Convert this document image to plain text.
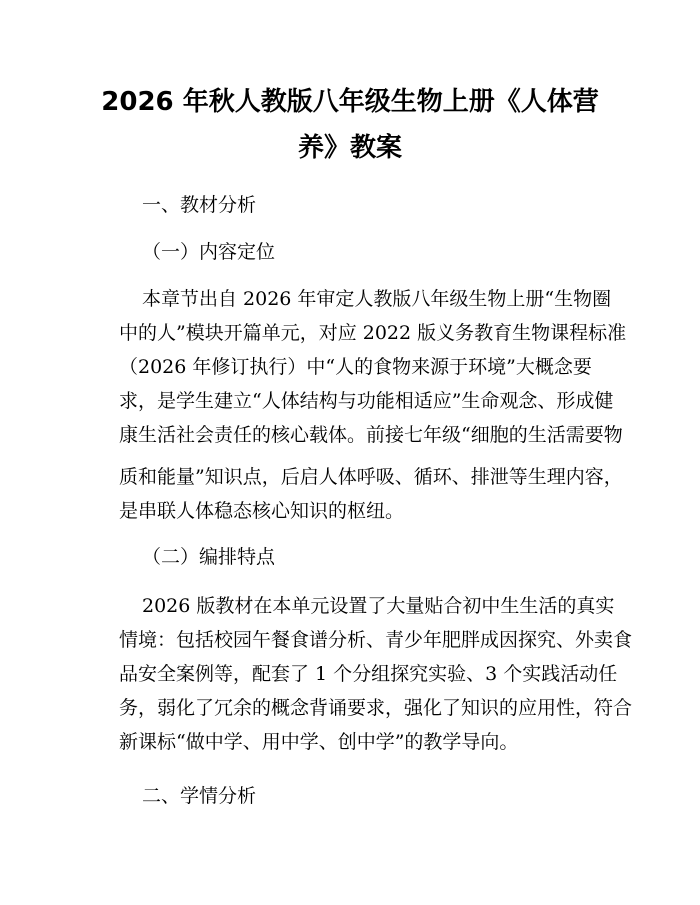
2026 年秋人教版八年级生物上册《人体营
养》教案
一、教材分析
（一）内容定位
本章节出自 2026 年审定人教版八年级生物上册“生物圈
中的人”模块开篇单元，对应 2022 版义务教育生物课程标准
（2026 年修订执行）中“人的食物来源于环境”大概念要
求，是学生建立“人体结构与功能相适应”生命观念、形成健
康生活社会责任的核心载体。前接七年级“细胞的生活需要物
质和能量”知识点，后启人体呼吸、循环、排泄等生理内容，
是串联人体稳态核心知识的枢纽。
（二）编排特点
2026 版教材在本单元设置了大量贴合初中生生活的真实
情境：包括校园午餐食谱分析、青少年肥胖成因探究、外卖食
品安全案例等，配套了 1 个分组探究实验、3 个实践活动任
务，弱化了冗余的概念背诵要求，强化了知识的应用性，符合
新课标“做中学、用中学、创中学”的教学导向。
二、学情分析
